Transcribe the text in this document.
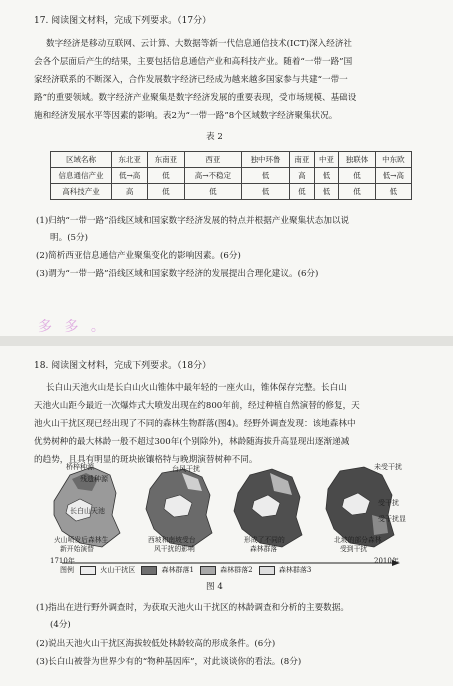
17. 阅读图文材料，完成下列要求。（17分）
数字经济是移动互联网、云计算、大数据等新一代信息通信技术(ICT)深入经济社
会各个层面后产生的结果，主要包括信息通信产业和高科技产业。随着“一带一路”国
家经济联系的不断深入，合作发展数字经济已经成为越来越多国家参与共建“一带一
路”的重要领域。数字经济产业聚集是数字经济发展的重要表现，受市场规模、基础设
施和经济发展水平等因素的影响。表2为“一带一路”8个区域数字经济聚集状况。
表 2
区域名称	东北亚	东南亚	西亚	独中环鲁	南亚	中亚	独联体	中东欧
信息通信产业	低→高	低	高→不稳定	低	高	低	低	低→高
高科技产业	高	低	低	低	低	低	低	低
(1)归纳“一带一路”沿线区域和国家数字经济发展的特点并根据产业聚集状态加以说
明。(5分)
(2)简析西亚信息通信产业聚集变化的影响因素。(6分)
(3)谓为“一带一路”沿线区域和国家数字经济的发展提出合理化建议。(6分)
多 多 。
18. 阅读图文材料，完成下列要求。（18分）
长白山天池火山是长白山火山锥体中最年轻的一座火山，锥体保存完整。长白山
天池火山距今最近一次爆炸式大喷发出现在约800年前，经过种植自然演替的修复，天
池火山干扰区现已经出现了不同的森林生物群落(图4)。经野外调查发现：该地森林中
优势树种的最大林龄一般不超过300年(个别除外)，林龄随海拔升高显现出逐渐递减
的趋势，且具有明显的斑块嵌镶格特与晚期演替树种不同。
桥梓种源
残遗种源
长白山天池
台风干扰	未受干扰
受干扰
受干扰显
火山喷发后森林生
新开始演替
西坡和南坡受台
风干扰的影响
形成了不同的
森林群落
北坡的部分森林
受到干扰
1710年	2010年
图例	火山干扰区	森林群落1	森林群落2	森林群落3
图 4
(1)指出在进行野外调查时，为获取天池火山干扰区的林龄调查和分析的主要数据。
(4分)
(2)说出天池火山干扰区海拔较低处林龄较高的形成条件。(6分)
(3)长白山被誉为世界少有的“物种基因库”，对此谈谈你的看法。(8分)
